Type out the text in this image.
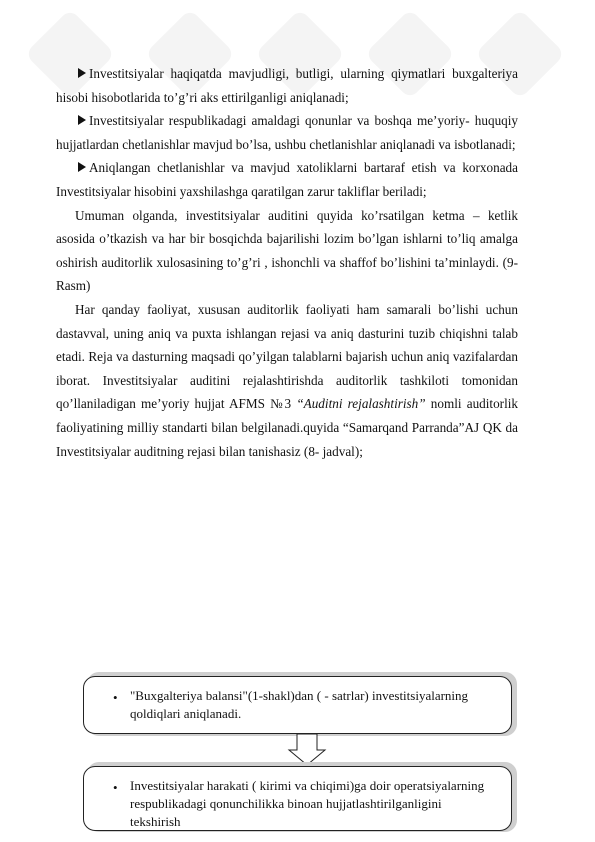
Investitsiyalar haqiqatda mavjudligi, butligi, ularning qiymatlari buxgalteriya hisobi hisobotlarida to’g’ri aks ettirilganligi aniqlanadi;

Investitsiyalar respublikadagi amaldagi qonunlar va boshqa me’yoriy- huquqiy hujjatlardan chetlanishlar mavjud bo’lsa, ushbu chetlanishlar aniqlanadi va isbotlanadi;

Aniqlangan chetlanishlar va mavjud xatoliklarni bartaraf etish va korxonada Investitsiyalar hisobini yaxshilashga qaratilgan zarur takliflar beriladi;

Umuman olganda, investitsiyalar auditini quyida ko’rsatilgan ketma – ketlik asosida o’tkazish va har bir bosqichda bajarilishi lozim bo’lgan ishlarni to’liq amalga oshirish auditorlik xulosasining to’g’ri , ishonchli va shaffof bo’lishini ta’minlaydi. (9- Rasm)

Har qanday faoliyat, xususan auditorlik faoliyati ham samarali bo’lishi uchun dastavval, uning aniq va puxta ishlangan rejasi va aniq dasturini tuzib chiqishni talab etadi. Reja va dasturning maqsadi qo’yilgan talablarni bajarish uchun aniq vazifalardan iborat. Investitsiyalar auditini rejalashtirishda auditorlik tashkiloti tomonidan qo’llaniladigan me’yoriy hujjat AFMS №3 “Auditni rejalashtirish” nomli auditorlik faoliyatining milliy standarti bilan belgilanadi.quyida “Samarqand Parranda”AJ QK da Investitsiyalar auditning rejasi bilan tanishasiz (8- jadval);

• "Buxgalteriya balansi"(1-shakl)dan ( - satrlar) investitsiyalarning qoldiqlari aniqlanadi.
• Investitsiyalar harakati ( kirimi va chiqimi)ga doir operatsiyalarning respublikadagi qonunchilikka binoan hujjatlashtirilganligini tekshirish
